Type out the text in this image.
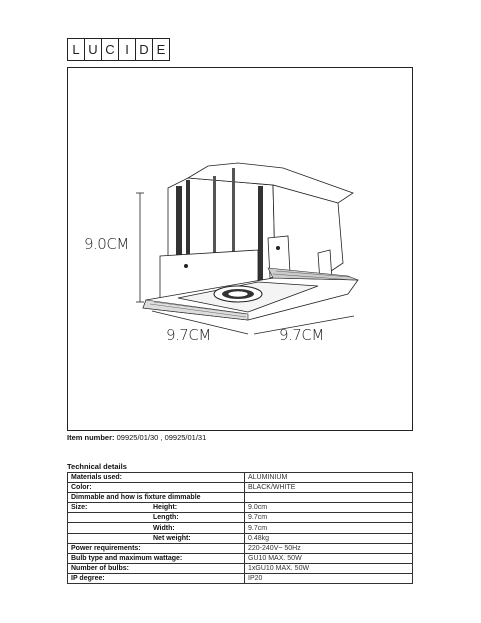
L U C I D E
9.0CM
9.7CM	9.7CM
Item number: 09925/01/30 , 09925/01/31
Technical details
Materials used:	ALUMINIUM
Color:	BLACK/WHITE
Dimmable and how is fixture dimmable	

Size: Height:	9.0cm

Length:	9.7cm

Width:	9.7cm

Net weight:	0.48kg
Power requirements:	220-240V~ 50Hz
Bulb type and maximum wattage:	GU10 MAX. 50W
Number of bulbs:	1xGU10 MAX. 50W
IP degree:	IP20
